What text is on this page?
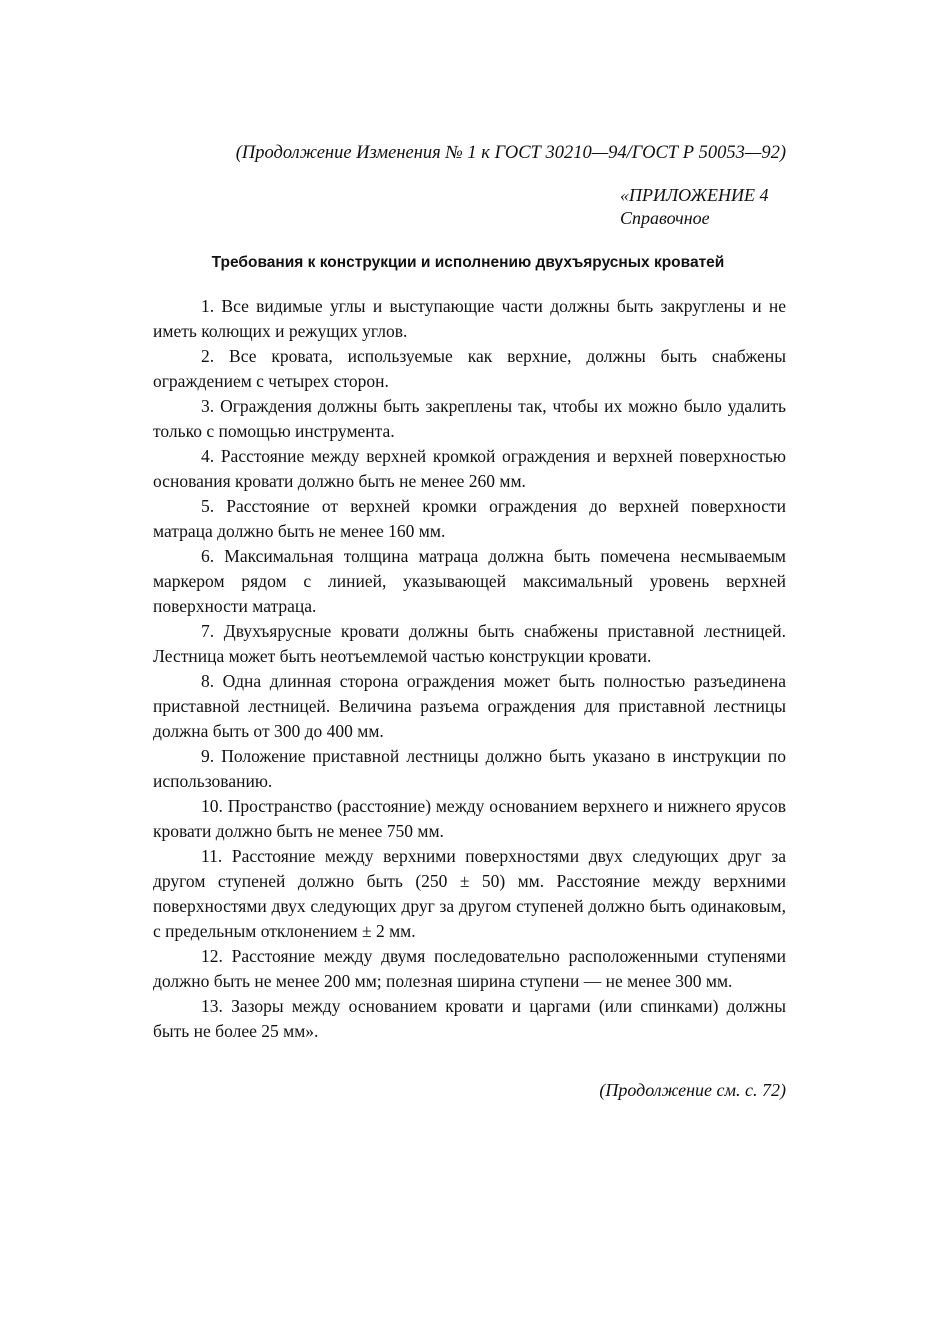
(Продолжение Изменения № 1 к ГОСТ 30210—94/ГОСТ Р 50053—92)
«ПРИЛОЖЕНИЕ 4
Справочное
Требования к конструкции и исполнению двухъярусных кроватей

1. Все видимые углы и выступающие части должны быть закруглены и не иметь колющих и режущих углов.

2. Все кровата, используемые как верхние, должны быть снабжены ограждением с четырех сторон.

3. Ограждения должны быть закреплены так, чтобы их можно было удалить только с помощью инструмента.

4. Расстояние между верхней кромкой ограждения и верхней поверхностью основания кровати должно быть не менее 260 мм.

5. Расстояние от верхней кромки ограждения до верхней поверхности матраца должно быть не менее 160 мм.

6. Максимальная толщина матраца должна быть помечена несмываемым маркером рядом с линией, указывающей максимальный уровень верхней поверхности матраца.

7. Двухъярусные кровати должны быть снабжены приставной лестницей. Лестница может быть неотъемлемой частью конструкции кровати.

8. Одна длинная сторона ограждения может быть полностью разъединена приставной лестницей. Величина разъема ограждения для приставной лестницы должна быть от 300 до 400 мм.

9. Положение приставной лестницы должно быть указано в инструкции по использованию.

10. Пространство (расстояние) между основанием верхнего и нижнего ярусов кровати должно быть не менее 750 мм.

11. Расстояние между верхними поверхностями двух следующих друг за другом ступеней должно быть (250 ± 50) мм. Расстояние между верхними поверхностями двух следующих друг за другом ступеней должно быть одинаковым, с предельным отклонением ± 2 мм.

12. Расстояние между двумя последовательно расположенными ступенями должно быть не менее 200 мм; полезная ширина ступени — не менее 300 мм.

13. Зазоры между основанием кровати и царгами (или спинками) должны быть не более 25 мм».

(Продолжение см. с. 72)
